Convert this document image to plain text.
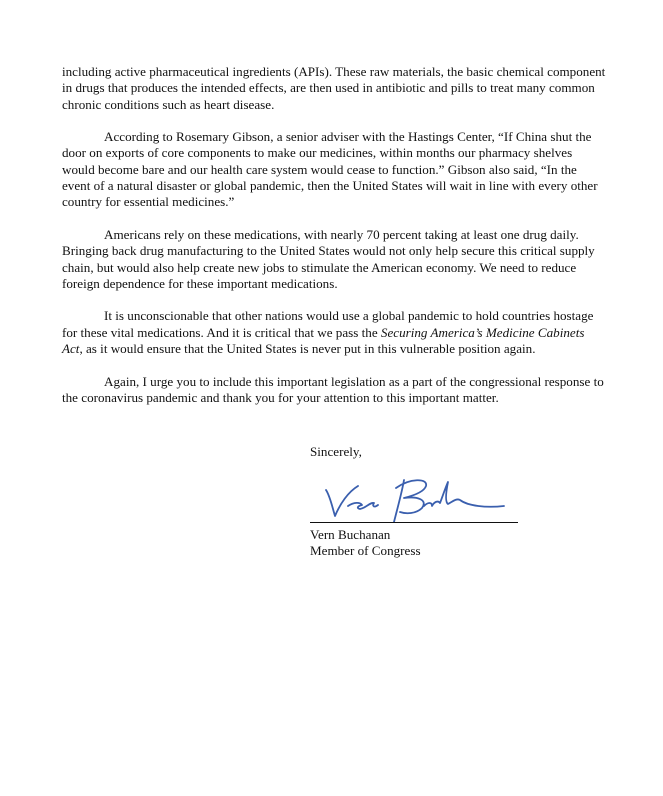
including active pharmaceutical ingredients (APIs). These raw materials, the basic chemical component in drugs that produces the intended effects, are then used in antibiotic and pills to treat many common chronic conditions such as heart disease.

According to Rosemary Gibson, a senior adviser with the Hastings Center, “If China shut the door on exports of core components to make our medicines, within months our pharmacy shelves would become bare and our health care system would cease to function.” Gibson also said, “In the event of a natural disaster or global pandemic, then the United States will wait in line with every other country for essential medicines.”

Americans rely on these medications, with nearly 70 percent taking at least one drug daily. Bringing back drug manufacturing to the United States would not only help secure this critical supply chain, but would also help create new jobs to stimulate the American economy. We need to reduce foreign dependence for these important medications.

It is unconscionable that other nations would use a global pandemic to hold countries hostage for these vital medications. And it is critical that we pass the Securing America’s Medicine Cabinets Act, as it would ensure that the United States is never put in this vulnerable position again.

Again, I urge you to include this important legislation as a part of the congressional response to the coronavirus pandemic and thank you for your attention to this important matter.

Sincerely,
Vern Buchanan
Member of Congress
